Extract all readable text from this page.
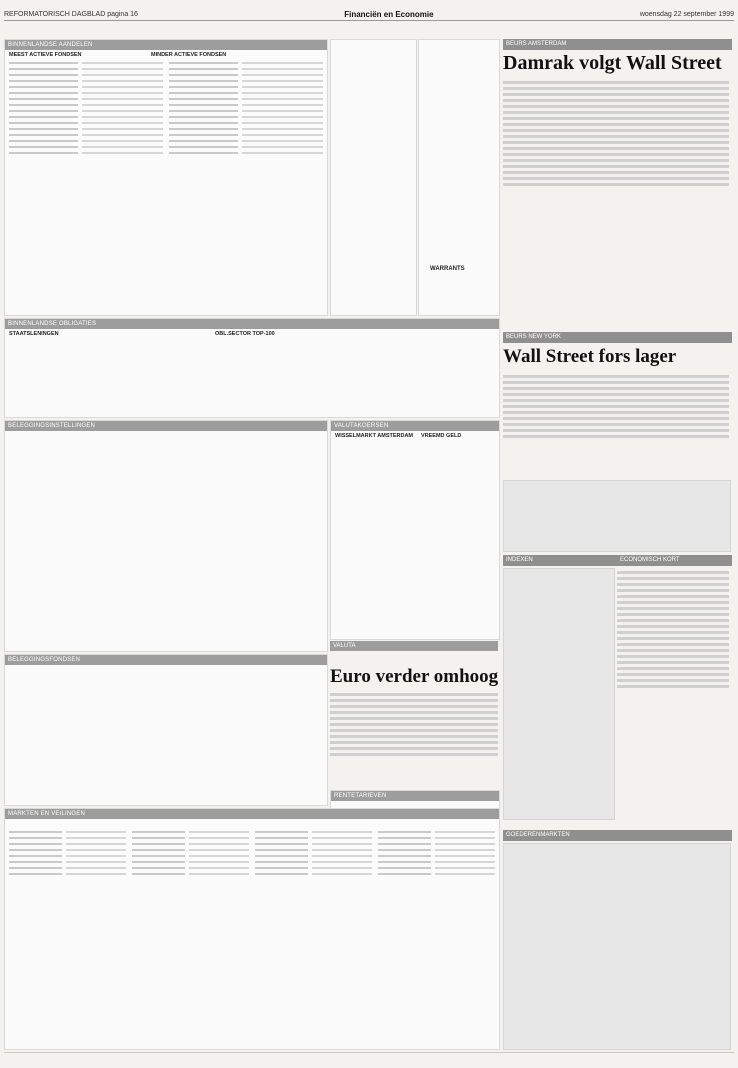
REFORMATORISCH DAGBLAD pagina 16	Financiën en Economie	woensdag 22 september 1999
BINNENLANDSE AANDELEN
MEEST ACTIEVE FONDSEN	MINDER ACTIEVE FONDSEN
BINNENLANDSE OBLIGATIES
STAATSLENINGEN	OBL.SECTOR TOP-100
BELEGGINGSINSTELLINGEN	VALUTAKOERSEN
WISSELMARKT AMSTERDAM VREEMD GELD
VALUTA
Euro verder omhoog
BELEGGINGSFONDSEN
RENTETARIEVEN
MARKTEN EN VEILINGEN
BEURS AMSTERDAM
Damrak volgt Wall Street
BEURS NEW YORK
Wall Street fors lager
INDEXEN	ECONOMISCH KORT
GOEDERENMARKTEN
WARRANTS
